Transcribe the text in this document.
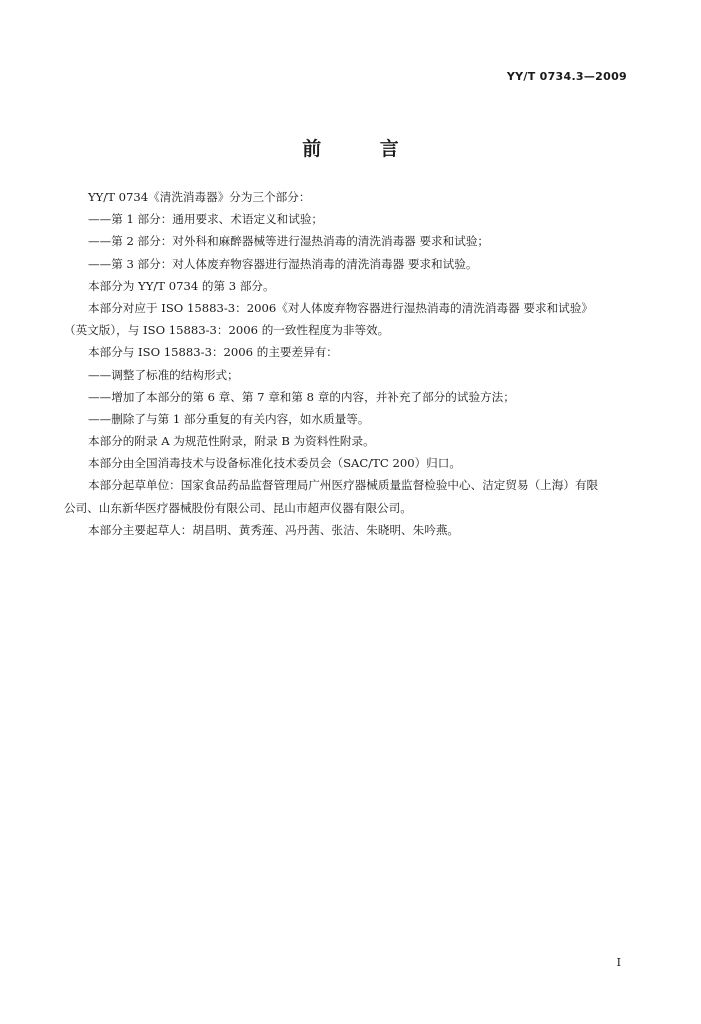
YY/T 0734.3—2009
前 言
YY/T 0734《清洗消毒器》分为三个部分：
——第 1 部分：通用要求、术语定义和试验；
——第 2 部分：对外科和麻醉器械等进行湿热消毒的清洗消毒器 要求和试验；
——第 3 部分：对人体废弃物容器进行湿热消毒的清洗消毒器 要求和试验。
本部分为 YY/T 0734 的第 3 部分。
本部分对应于 ISO 15883-3：2006《对人体废弃物容器进行湿热消毒的清洗消毒器 要求和试验》
（英文版），与 ISO 15883-3：2006 的一致性程度为非等效。
本部分与 ISO 15883-3：2006 的主要差异有：
——调整了标准的结构形式；
——增加了本部分的第 6 章、第 7 章和第 8 章的内容，并补充了部分的试验方法；
——删除了与第 1 部分重复的有关内容，如水质量等。
本部分的附录 A 为规范性附录，附录 B 为资料性附录。
本部分由全国消毒技术与设备标准化技术委员会（SAC/TC 200）归口。
本部分起草单位：国家食品药品监督管理局广州医疗器械质量监督检验中心、洁定贸易（上海）有限
公司、山东新华医疗器械股份有限公司、昆山市超声仪器有限公司。
本部分主要起草人：胡昌明、黄秀莲、冯丹茜、张洁、朱晓明、朱吟燕。
I
